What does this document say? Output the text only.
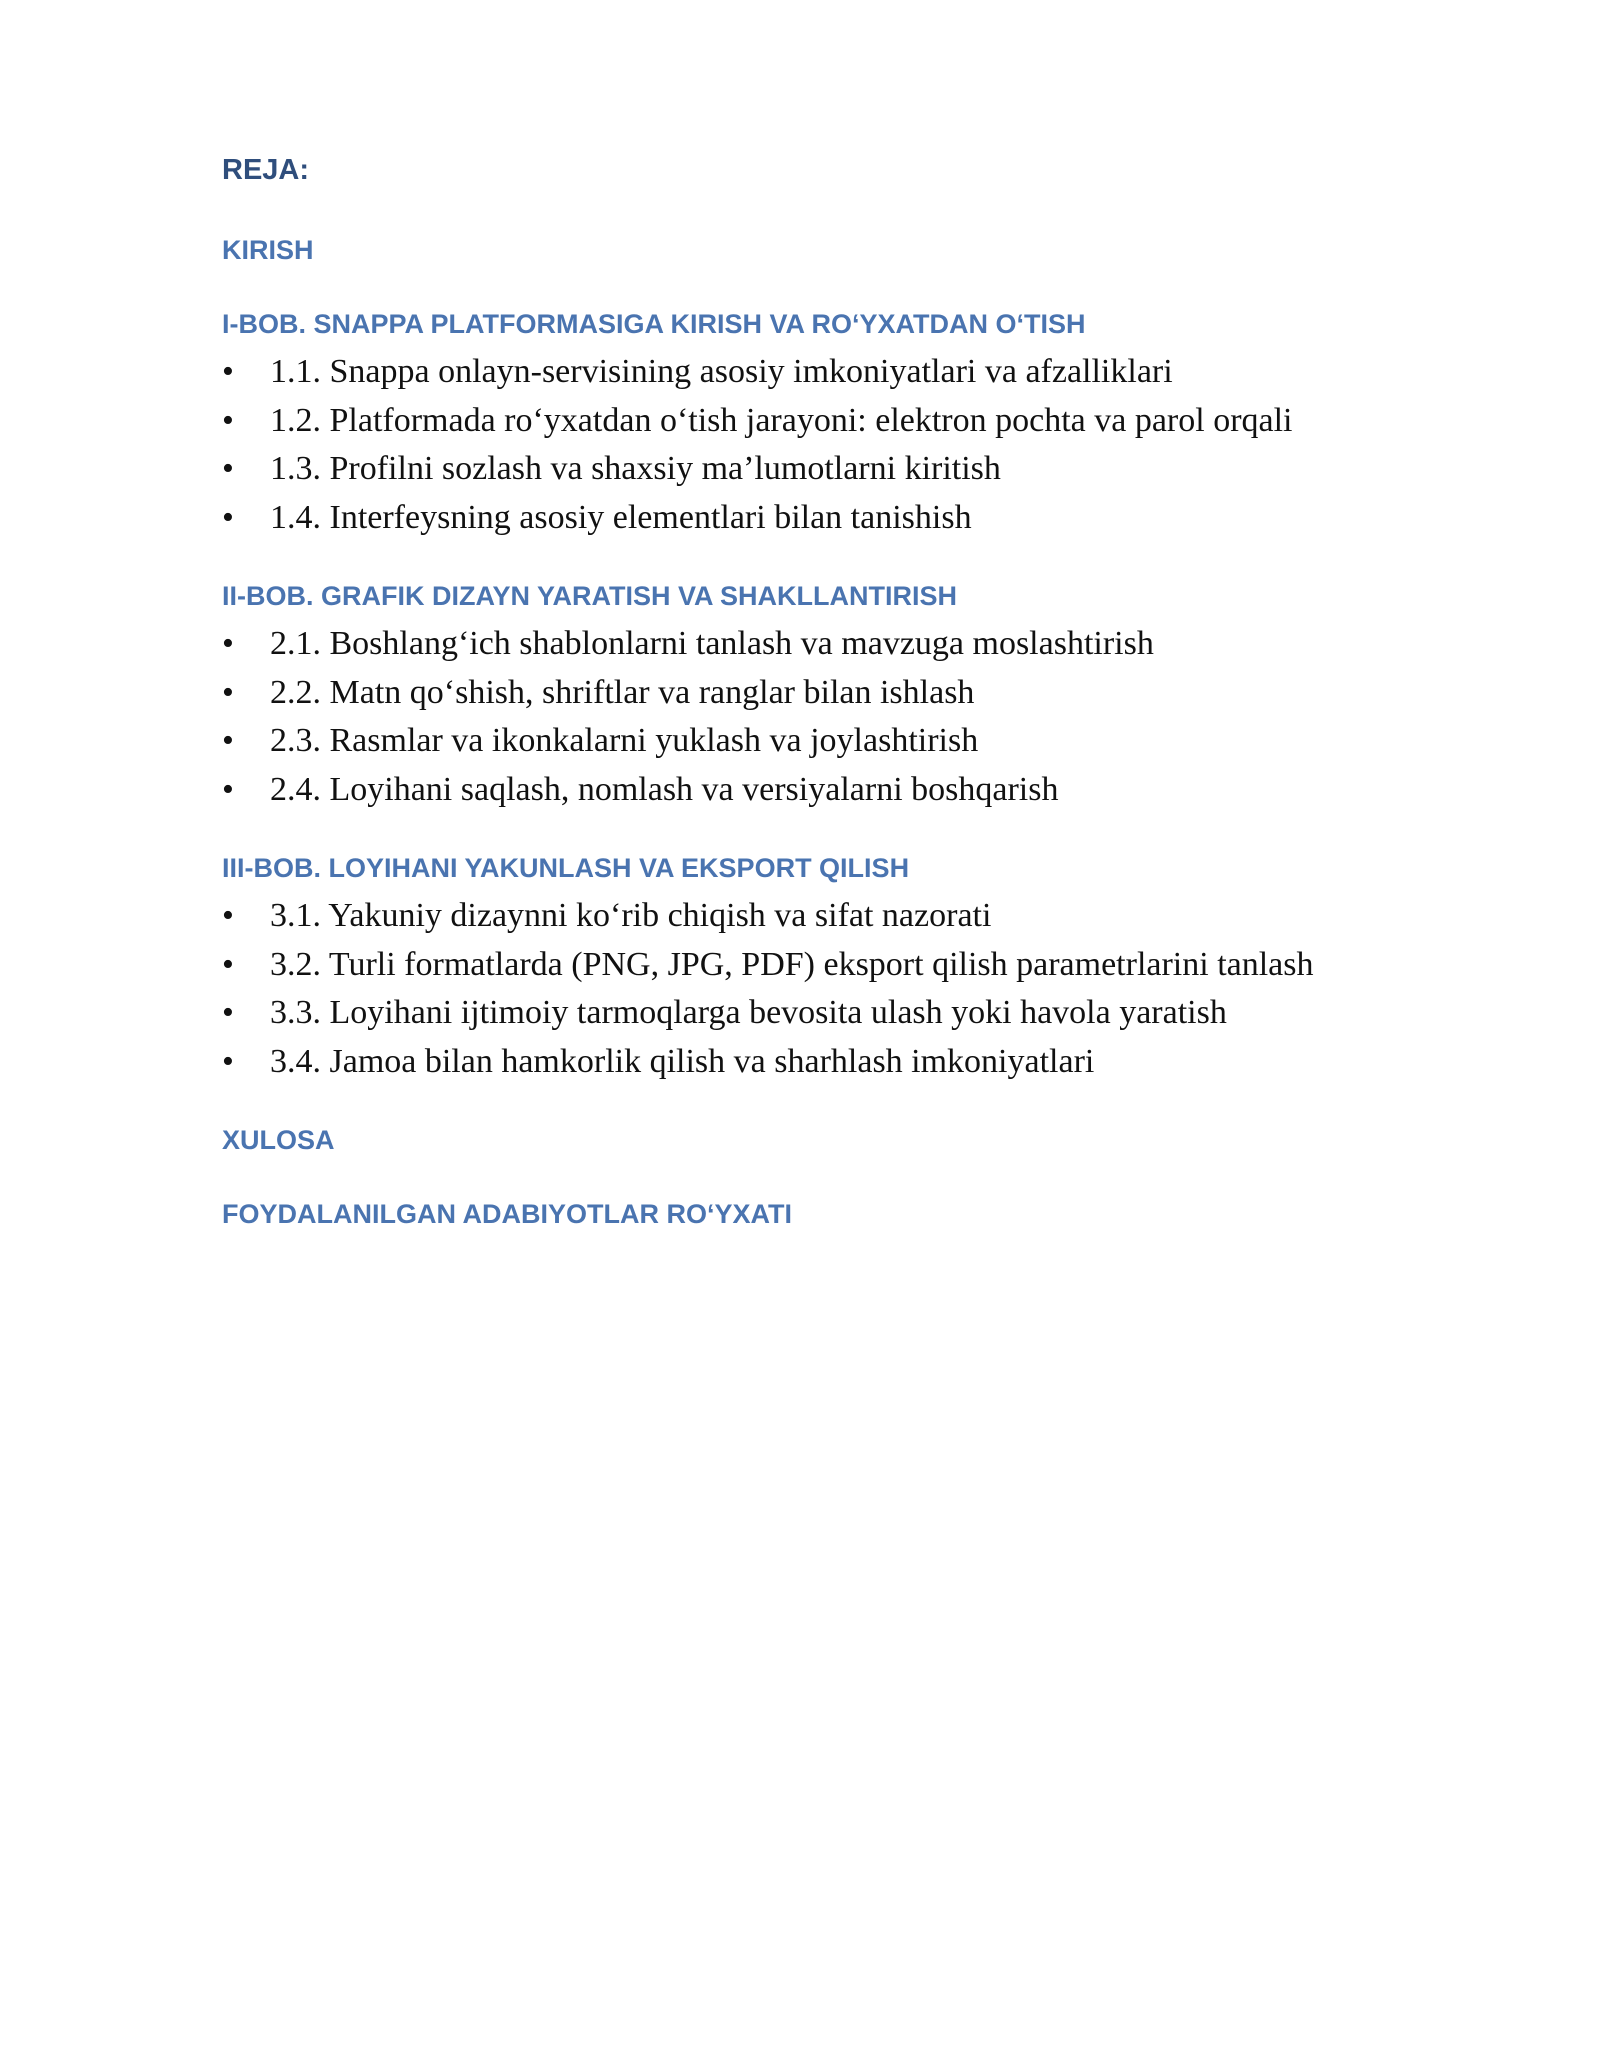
REJA:
KIRISH
I-BOB. SNAPPA PLATFORMASIGA KIRISH VA RO‘YXATDAN O‘TISH
• 1.1. Snappa onlayn-servisining asosiy imkoniyatlari va afzalliklari
• 1.2. Platformada ro‘yxatdan o‘tish jarayoni: elektron pochta va parol orqali
• 1.3. Profilni sozlash va shaxsiy ma’lumotlarni kiritish
• 1.4. Interfeysning asosiy elementlari bilan tanishish
II-BOB. GRAFIK DIZAYN YARATISH VA SHAKLLANTIRISH
• 2.1. Boshlang‘ich shablonlarni tanlash va mavzuga moslashtirish
• 2.2. Matn qo‘shish, shriftlar va ranglar bilan ishlash
• 2.3. Rasmlar va ikonkalarni yuklash va joylashtirish
• 2.4. Loyihani saqlash, nomlash va versiyalarni boshqarish
III-BOB. LOYIHANI YAKUNLASH VA EKSPORT QILISH
• 3.1. Yakuniy dizaynni ko‘rib chiqish va sifat nazorati
• 3.2. Turli formatlarda (PNG, JPG, PDF) eksport qilish parametrlarini tanlash
• 3.3. Loyihani ijtimoiy tarmoqlarga bevosita ulash yoki havola yaratish
• 3.4. Jamoa bilan hamkorlik qilish va sharhlash imkoniyatlari
XULOSA
FOYDALANILGAN ADABIYOTLAR RO‘YXATI
